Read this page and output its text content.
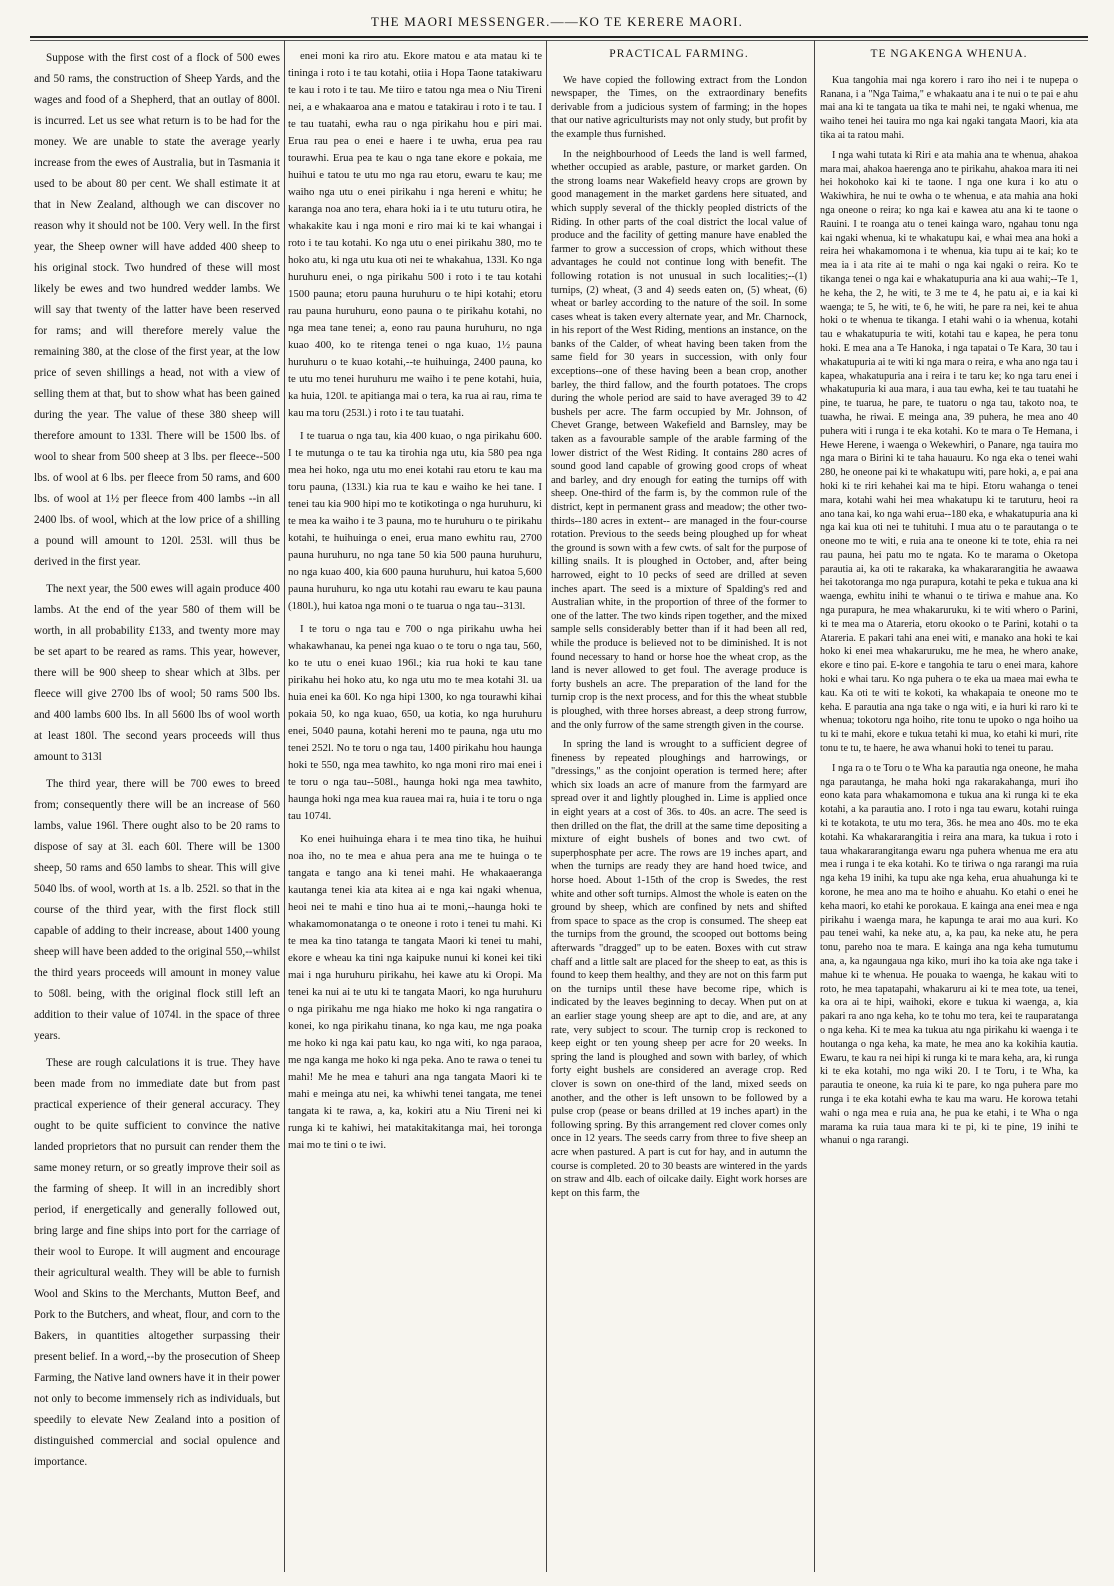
THE MAORI MESSENGER.——KO TE KERERE MAORI.

Suppose with the first cost of a flock of 500 ewes and 50 rams, the construction of Sheep Yards, and the wages and food of a Shepherd, that an outlay of 800l. is incurred. Let us see what return is to be had for the money. We are unable to state the average yearly increase from the ewes of Australia, but in Tasmania it used to be about 80 per cent. We shall estimate it at that in New Zealand, although we can discover no reason why it should not be 100. Very well. In the first year, the Sheep owner will have added 400 sheep to his original stock. Two hundred of these will most likely be ewes and two hundred wedder lambs. We will say that twenty of the latter have been reserved for rams; and will therefore merely value the remaining 380, at the close of the first year, at the low price of seven shillings a head, not with a view of selling them at that, but to show what has been gained during the year. The value of these 380 sheep will therefore amount to 133l. There will be 1500 lbs. of wool to shear from 500 sheep at 3 lbs. per fleece--500 lbs. of wool at 6 lbs. per fleece from 50 rams, and 600 lbs. of wool at 1½ per fleece from 400 lambs --in all 2400 lbs. of wool, which at the low price of a shilling a pound will amount to 120l. 253l. will thus be derived in the first year.

The next year, the 500 ewes will again produce 400 lambs. At the end of the year 580 of them will be worth, in all probability £133, and twenty more may be set apart to be reared as rams. This year, however, there will be 900 sheep to shear which at 3lbs. per fleece will give 2700 lbs of wool; 50 rams 500 lbs. and 400 lambs 600 lbs. In all 5600 lbs of wool worth at least 180l. The second years proceeds will thus amount to 313l

The third year, there will be 700 ewes to breed from; consequently there will be an increase of 560 lambs, value 196l. There ought also to be 20 rams to dispose of say at 3l. each 60l. There will be 1300 sheep, 50 rams and 650 lambs to shear. This will give 5040 lbs. of wool, worth at 1s. a lb. 252l. so that in the course of the third year, with the first flock still capable of adding to their increase, about 1400 young sheep will have been added to the original 550,--whilst the third years proceeds will amount in money value to 508l. being, with the original flock still left an addition to their value of 1074l. in the space of three years.

These are rough calculations it is true. They have been made from no immediate date but from past practical experience of their general accuracy. They ought to be quite sufficient to convince the native landed proprietors that no pursuit can render them the same money return, or so greatly improve their soil as the farming of sheep. It will in an incredibly short period, if energetically and generally followed out, bring large and fine ships into port for the carriage of their wool to Europe. It will augment and encourage their agricultural wealth. They will be able to furnish Wool and Skins to the Merchants, Mutton Beef, and Pork to the Butchers, and wheat, flour, and corn to the Bakers, in quantities altogether surpassing their present belief. In a word,--by the prosecution of Sheep Farming, the Native land owners have it in their power not only to become immensely rich as individuals, but speedily to elevate New Zealand into a position of distinguished commercial and social opulence and importance.

enei moni ka riro atu. Ekore matou e ata matau ki te tininga i roto i te tau kotahi, otiia i Hopa Taone tatakiwaru te kau i roto i te tau. Me tiiro e tatou nga mea o Niu Tireni nei, a e whakaaroa ana e matou e tatakirau i roto i te tau. I te tau tuatahi, ewha rau o nga pirikahu hou e piri mai. Erua rau pea o enei e haere i te uwha, erua pea rau tourawhi. Erua pea te kau o nga tane ekore e pokaia, me huihui e tatou te utu mo nga rau etoru, ewaru te kau; me waiho nga utu o enei pirikahu i nga hereni e whitu; he karanga noa ano tera, ehara hoki ia i te utu tuturu otira, he whakakite kau i nga moni e riro mai ki te kai whangai i roto i te tau kotahi. Ko nga utu o enei pirikahu 380, mo te hoko atu, ki nga utu kua oti nei te whakahua, 133l. Ko nga huruhuru enei, o nga pirikahu 500 i roto i te tau kotahi 1500 pauna; etoru pauna huruhuru o te hipi kotahi; etoru rau pauna huruhuru, eono pauna o te pirikahu kotahi, no nga mea tane tenei; a, eono rau pauna huruhuru, no nga kuao 400, ko te ritenga tenei o nga kuao, 1½ pauna huruhuru o te kuao kotahi,--te huihuinga, 2400 pauna, ko te utu mo tenei huruhuru me waiho i te pene kotahi, huia, ka huia, 120l. te apitianga mai o tera, ka rua ai rau, rima te kau ma toru (253l.) i roto i te tau tuatahi.

I te tuarua o nga tau, kia 400 kuao, o nga pirikahu 600. I te mutunga o te tau ka tirohia nga utu, kia 580 pea nga mea hei hoko, nga utu mo enei kotahi rau etoru te kau ma toru pauna, (133l.) kia rua te kau e waiho ke hei tane. I tenei tau kia 900 hipi mo te kotikotinga o nga huruhuru, ki te mea ka waiho i te 3 pauna, mo te huruhuru o te pirikahu kotahi, te huihuinga o enei, erua mano ewhitu rau, 2700 pauna huruhuru, no nga tane 50 kia 500 pauna huruhuru, no nga kuao 400, kia 600 pauna huruhuru, hui katoa 5,600 pauna huruhuru, ko nga utu kotahi rau ewaru te kau pauna (180l.), hui katoa nga moni o te tuarua o nga tau--313l.

I te toru o nga tau e 700 o nga pirikahu uwha hei whakawhanau, ka penei nga kuao o te toru o nga tau, 560, ko te utu o enei kuao 196l.; kia rua hoki te kau tane pirikahu hei hoko atu, ko nga utu mo te mea kotahi 3l. ua huia enei ka 60l. Ko nga hipi 1300, ko nga tourawhi kihai pokaia 50, ko nga kuao, 650, ua kotia, ko nga huruhuru enei, 5040 pauna, kotahi hereni mo te pauna, nga utu mo tenei 252l. No te toru o nga tau, 1400 pirikahu hou haunga hoki te 550, nga mea tawhito, ko nga moni riro mai enei i te toru o nga tau--508l., haunga hoki nga mea tawhito, haunga hoki nga mea kua rauea mai ra, huia i te toru o nga tau 1074l.

Ko enei huihuinga ehara i te mea tino tika, he huihui noa iho, no te mea e ahua pera ana me te huinga o te tangata e tango ana ki tenei mahi. He whakaaeranga kautanga tenei kia ata kitea ai e nga kai ngaki whenua, heoi nei te mahi e tino hua ai te moni,--haunga hoki te whakamomonatanga o te oneone i roto i tenei tu mahi. Ki te mea ka tino tatanga te tangata Maori ki tenei tu mahi, ekore e wheau ka tini nga kaipuke nunui ki konei kei tiki mai i nga huruhuru pirikahu, hei kawe atu ki Oropi. Ma tenei ka nui ai te utu ki te tangata Maori, ko nga huruhuru o nga pirikahu me nga hiako me hoko ki nga rangatira o konei, ko nga pirikahu tinana, ko nga kau, me nga poaka me hoko ki nga kai patu kau, ko nga witi, ko nga paraoa, me nga kanga me hoko ki nga peka. Ano te rawa o tenei tu mahi! Me he mea e tahuri ana nga tangata Maori ki te mahi e meinga atu nei, ka whiwhi tenei tangata, me tenei tangata ki te rawa, a, ka, kokiri atu a Niu Tireni nei ki runga ki te kahiwi, hei matakitakitanga mai, hei toronga mai mo te tini o te iwi.

PRACTICAL FARMING.

We have copied the following extract from the London newspaper, the Times, on the extraordinary benefits derivable from a judicious system of farming; in the hopes that our native agriculturists may not only study, but profit by the example thus furnished.

In the neighbourhood of Leeds the land is well farmed, whether occupied as arable, pasture, or market garden. On the strong loams near Wakefield heavy crops are grown by good management in the market gardens here situated, and which supply several of the thickly peopled districts of the Riding. In other parts of the coal district the local value of produce and the facility of getting manure have enabled the farmer to grow a succession of crops, which without these advantages he could not continue long with benefit. The following rotation is not unusual in such localities;--(1) turnips, (2) wheat, (3 and 4) seeds eaten on, (5) wheat, (6) wheat or barley according to the nature of the soil. In some cases wheat is taken every alternate year, and Mr. Charnock, in his report of the West Riding, mentions an instance, on the banks of the Calder, of wheat having been taken from the same field for 30 years in succession, with only four exceptions--one of these having been a bean crop, another barley, the third fallow, and the fourth potatoes. The crops during the whole period are said to have averaged 39 to 42 bushels per acre. The farm occupied by Mr. Johnson, of Chevet Grange, between Wakefield and Barnsley, may be taken as a favourable sample of the arable farming of the lower district of the West Riding. It contains 280 acres of sound good land capable of growing good crops of wheat and barley, and dry enough for eating the turnips off with sheep. One-third of the farm is, by the common rule of the district, kept in permanent grass and meadow; the other two-thirds--180 acres in extent-- are managed in the four-course rotation. Previous to the seeds being ploughed up for wheat the ground is sown with a few cwts. of salt for the purpose of killing snails. It is ploughed in October, and, after being harrowed, eight to 10 pecks of seed are drilled at seven inches apart. The seed is a mixture of Spalding's red and Australian white, in the proportion of three of the former to one of the latter. The two kinds ripen together, and the mixed sample sells considerably better than if it had been all red, while the produce is believed not to be diminished. It is not found necessary to hand or horse hoe the wheat crop, as the land is never allowed to get foul. The average produce is forty bushels an acre. The preparation of the land for the turnip crop is the next process, and for this the wheat stubble is ploughed, with three horses abreast, a deep strong furrow, and the only furrow of the same strength given in the course.

In spring the land is wrought to a sufficient degree of fineness by repeated ploughings and harrowings, or "dressings," as the conjoint operation is termed here; after which six loads an acre of manure from the farmyard are spread over it and lightly ploughed in. Lime is applied once in eight years at a cost of 36s. to 40s. an acre. The seed is then drilled on the flat, the drill at the same time depositing a mixture of eight bushels of bones and two cwt. of superphosphate per acre. The rows are 19 inches apart, and when the turnips are ready they are hand hoed twice, and horse hoed. About 1-15th of the crop is Swedes, the rest white and other soft turnips. Almost the whole is eaten on the ground by sheep, which are confined by nets and shifted from space to space as the crop is consumed. The sheep eat the turnips from the ground, the scooped out bottoms being afterwards "dragged" up to be eaten. Boxes with cut straw chaff and a little salt are placed for the sheep to eat, as this is found to keep them healthy, and they are not on this farm put on the turnips until these have become ripe, which is indicated by the leaves beginning to decay. When put on at an earlier stage young sheep are apt to die, and are, at any rate, very subject to scour. The turnip crop is reckoned to keep eight or ten young sheep per acre for 20 weeks. In spring the land is ploughed and sown with barley, of which forty eight bushels are considered an average crop. Red clover is sown on one-third of the land, mixed seeds on another, and the other is left unsown to be followed by a pulse crop (pease or beans drilled at 19 inches apart) in the following spring. By this arrangement red clover comes only once in 12 years. The seeds carry from three to five sheep an acre when pastured. A part is cut for hay, and in autumn the course is completed. 20 to 30 beasts are wintered in the yards on straw and 4lb. each of oilcake daily. Eight work horses are kept on this farm, the

TE NGAKENGA WHENUA.

Kua tangohia mai nga korero i raro iho nei i te nupepa o Ranana, i a "Nga Taima," e whakaatu ana i te nui o te pai e ahu mai ana ki te tangata ua tika te mahi nei, te ngaki whenua, me waiho tenei hei tauira mo nga kai ngaki tangata Maori, kia ata tika ai ta ratou mahi.

I nga wahi tutata ki Riri e ata mahia ana te whenua, ahakoa mara mai, ahakoa haerenga ano te pirikahu, ahakoa mara iti nei hei hokohoko kai ki te taone. I nga one kura i ko atu o Wakiwhira, he nui te owha o te whenua, e ata mahia ana hoki nga oneone o reira; ko nga kai e kawea atu ana ki te taone o Rauini. I te roanga atu o tenei kainga waro, ngahau tonu nga kai ngaki whenua, ki te whakatupu kai, e whai mea ana hoki a reira hei whakamomona i te whenua, kia tupu ai te kai; ko te mea ia i ata rite ai te mahi o nga kai ngaki o reira. Ko te tikanga tenei o nga kai e whakatupuria ana ki aua wahi;--Te 1, he keha, the 2, he witi, te 3 me te 4, he patu ai, e ia kai ki waenga; te 5, he witi, te 6, he witi, he pare ra nei, kei te ahua hoki o te whenua te tikanga. I etahi wahi o ia whenua, kotahi tau e whakatupuria te witi, kotahi tau e kapea, he pera tonu hoki. E mea ana a Te Hanoka, i nga tapatai o Te Kara, 30 tau i whakatupuria ai te witi ki nga mara o reira, e wha ano nga tau i kapea, whakatupuria ana i reira i te taru ke; ko nga taru enei i whakatupuria ki aua mara, i aua tau ewha, kei te tau tuatahi he pine, te tuarua, he pare, te tuatoru o nga tau, takoto noa, te tuawha, he riwai. E meinga ana, 39 puhera, he mea ano 40 puhera witi i runga i te eka kotahi. Ko te mara o Te Hemana, i Hewe Herene, i waenga o Wekewhiri, o Panare, nga tauira mo nga mara o Birini ki te taha hauauru. Ko nga eka o tenei wahi 280, he oneone pai ki te whakatupu witi, pare hoki, a, e pai ana hoki ki te riri kehahei kai ma te hipi. Etoru wahanga o tenei mara, kotahi wahi hei mea whakatupu ki te taruturu, heoi ra ano tana kai, ko nga wahi erua--180 eka, e whakatupuria ana ki nga kai kua oti nei te tuhituhi. I mua atu o te parautanga o te oneone mo te witi, e ruia ana te oneone ki te tote, ehia ra nei rau pauna, hei patu mo te ngata. Ko te marama o Oketopa parautia ai, ka oti te rakaraka, ka whakararangitia he awaawa hei takotoranga mo nga purapura, kotahi te peka e tukua ana ki waenga, ewhitu inihi te whanui o te tiriwa e mahue ana. Ko nga purapura, he mea whakaruruku, ki te witi whero o Parini, ki te mea ma o Atareria, etoru okooko o te Parini, kotahi o ta Atareria. E pakari tahi ana enei witi, e manako ana hoki te kai hoko ki enei mea whakaruruku, me he mea, he whero anake, ekore e tino pai. E-kore e tangohia te taru o enei mara, kahore hoki e whai taru. Ko nga puhera o te eka ua maea mai ewha te kau. Ka oti te witi te kokoti, ka whakapaia te oneone mo te keha. E parautia ana nga take o nga witi, e ia huri ki raro ki te whenua; tokotoru nga hoiho, rite tonu te upoko o nga hoiho ua tu ki te mahi, ekore e tukua tetahi ki mua, ko etahi ki muri, rite tonu te tu, te haere, he awa whanui hoki to tenei tu parau.

I nga ra o te Toru o te Wha ka parautia nga oneone, he maha nga parautanga, he maha hoki nga rakarakahanga, muri iho eono kata para whakamomona e tukua ana ki runga ki te eka kotahi, a ka parautia ano. I roto i nga tau ewaru, kotahi ruinga ki te kotakota, te utu mo tera, 36s. he mea ano 40s. mo te eka kotahi. Ka whakararangitia i reira ana mara, ka tukua i roto i taua whakararangitanga ewaru nga puhera whenua me era atu mea i runga i te eka kotahi. Ko te tiriwa o nga rarangi ma ruia nga keha 19 inihi, ka tupu ake nga keha, erua ahuahunga ki te korone, he mea ano ma te hoiho e ahuahu. Ko etahi o enei he keha maori, ko etahi ke porokaua. E kainga ana enei mea e nga pirikahu i waenga mara, he kapunga te arai mo aua kuri. Ko pau tenei wahi, ka neke atu, a, ka pau, ka neke atu, he pera tonu, pareho noa te mara. E kainga ana nga keha tumutumu ana, a, ka ngaungaua nga kiko, muri iho ka toia ake nga take i mahue ki te whenua. He pouaka to waenga, he kakau witi to roto, he mea tapatapahi, whakaruru ai ki te mea tote, ua tenei, ka ora ai te hipi, waihoki, ekore e tukua ki waenga, a, kia pakari ra ano nga keha, ko te tohu mo tera, kei te rauparatanga o nga keha. Ki te mea ka tukua atu nga pirikahu ki waenga i te houtanga o nga keha, ka mate, he mea ano ka kokihia kautia. Ewaru, te kau ra nei hipi ki runga ki te mara keha, ara, ki runga ki te eka kotahi, mo nga wiki 20. I te Toru, i te Wha, ka parautia te oneone, ka ruia ki te pare, ko nga puhera pare mo runga i te eka kotahi ewha te kau ma waru. He korowa tetahi wahi o nga mea e ruia ana, he pua ke etahi, i te Wha o nga marama ka ruia taua mara ki te pi, ki te pine, 19 inihi te whanui o nga rarangi.
